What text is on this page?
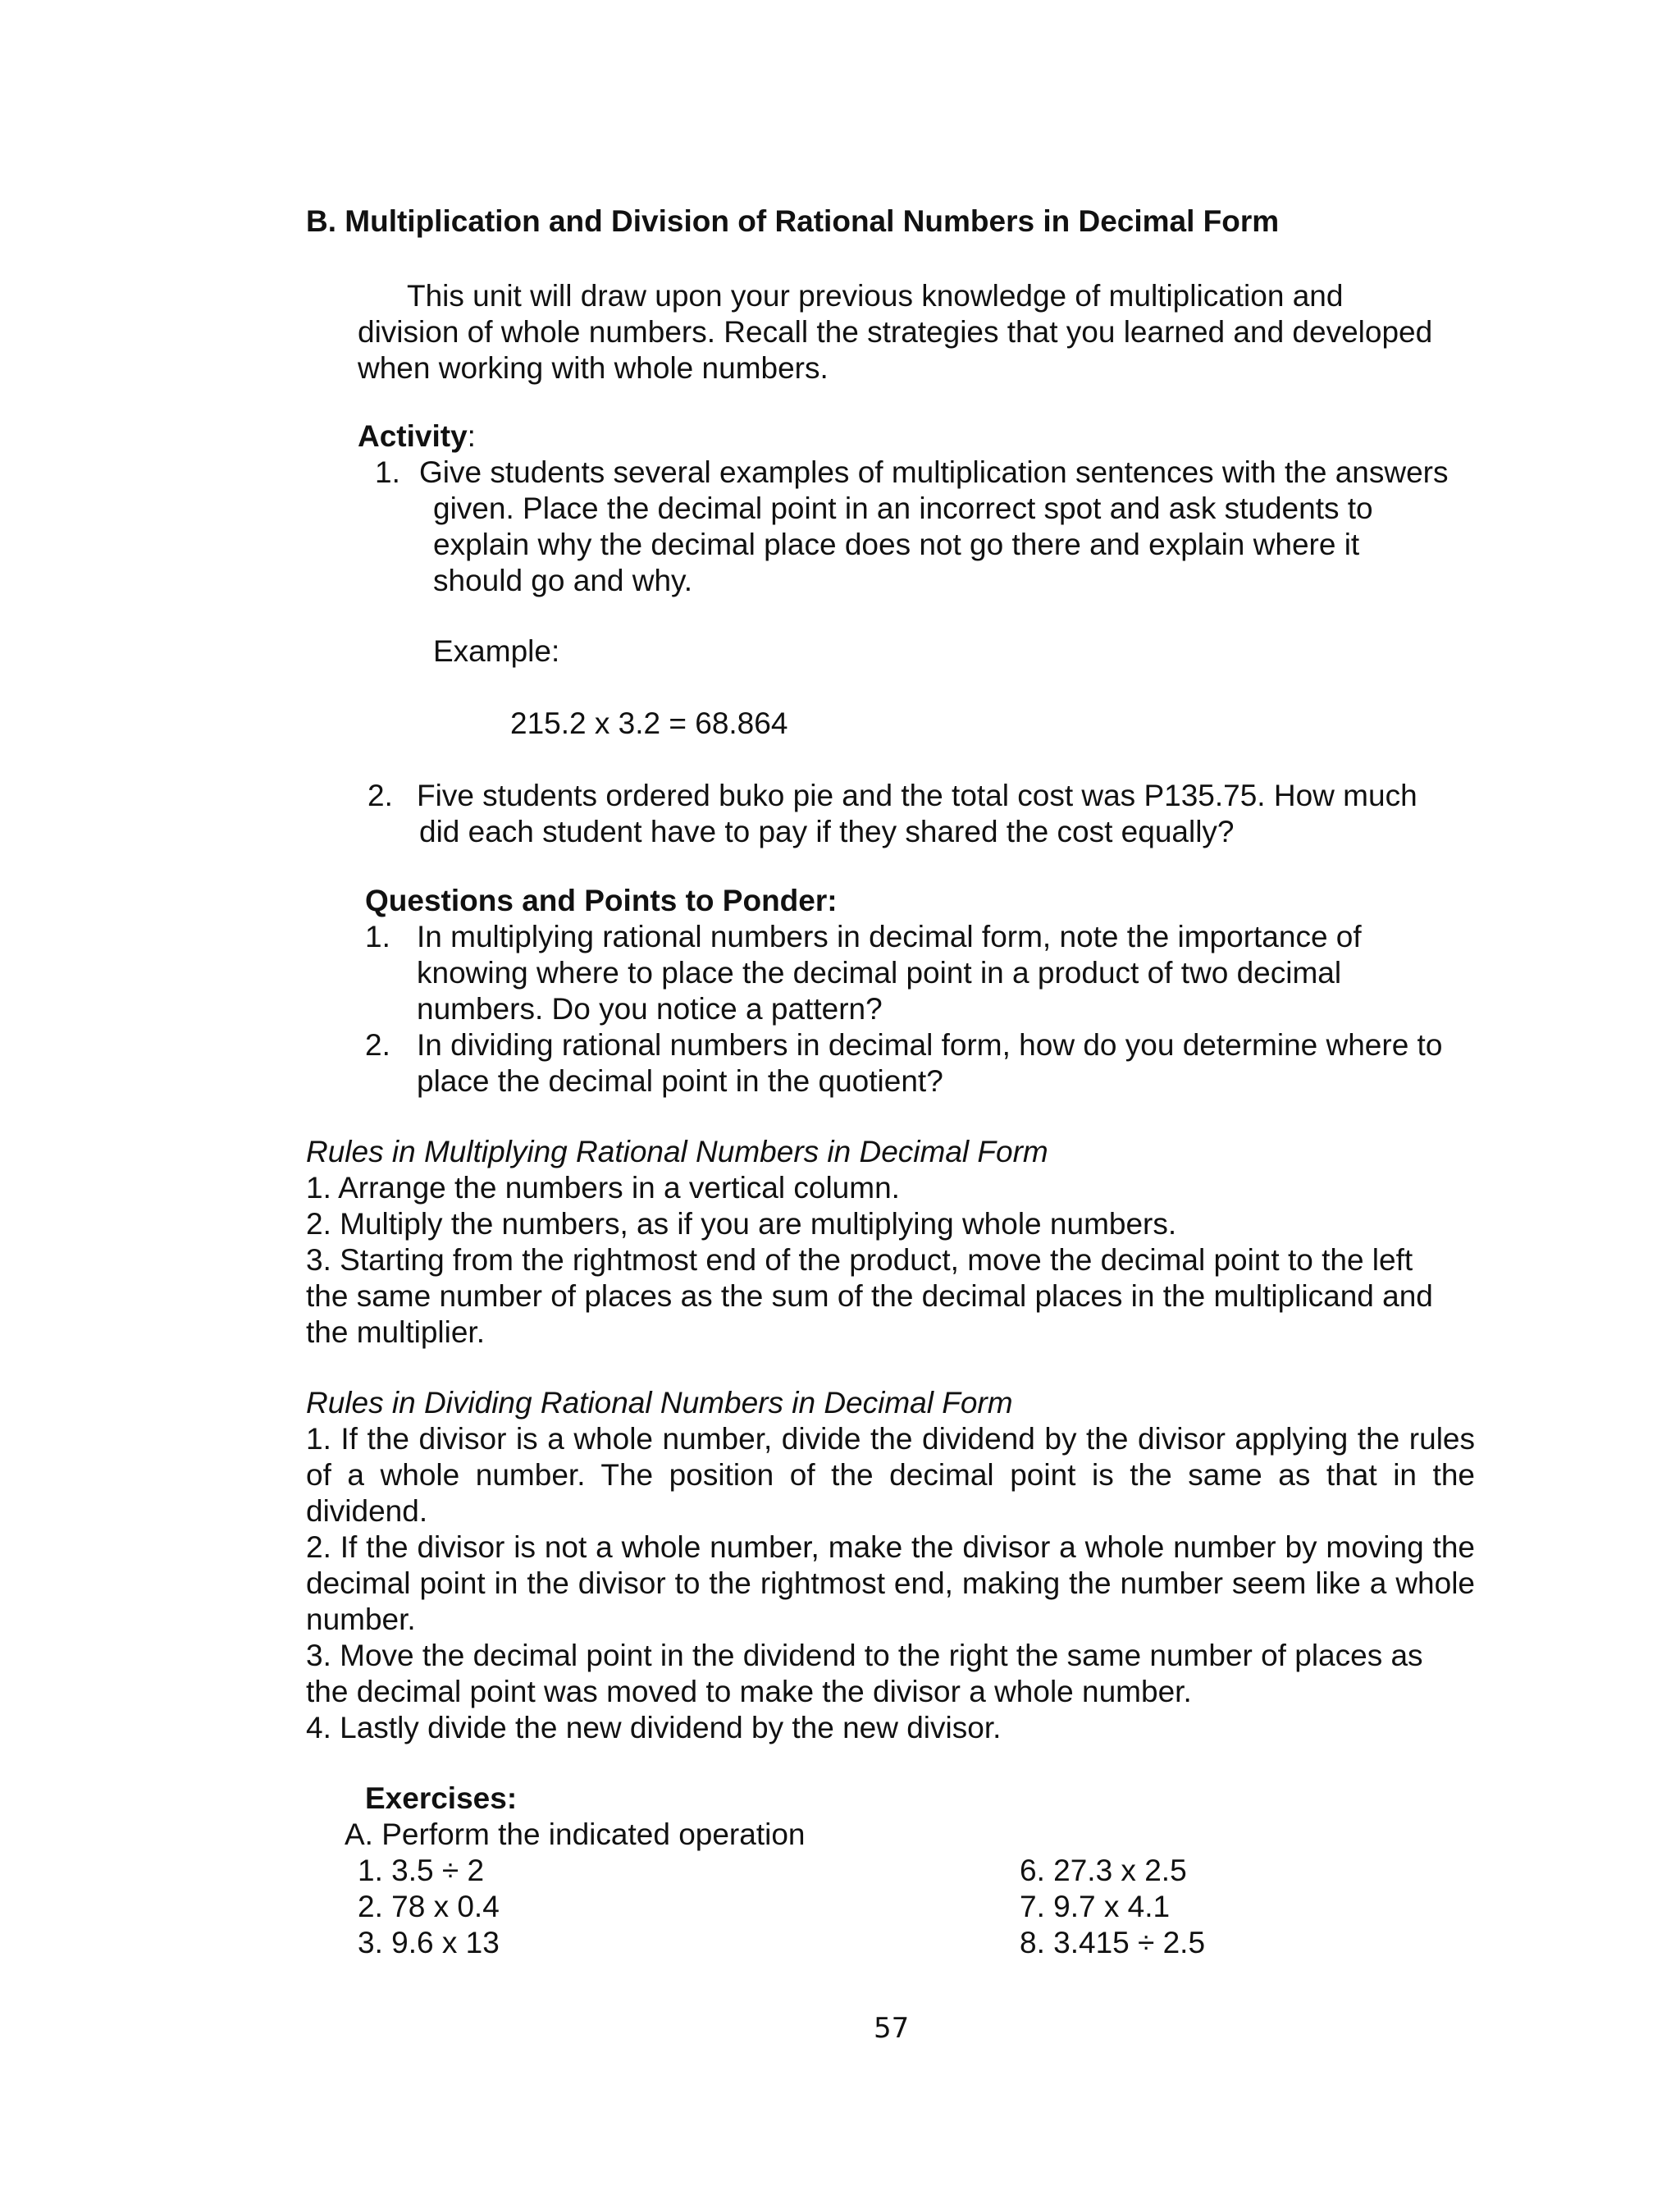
B. Multiplication and Division of Rational Numbers in Decimal Form
This unit will draw upon your previous knowledge of multiplication and
division of whole numbers. Recall the strategies that you learned and developed
when working with whole numbers.
Activity:
1. Give students several examples of multiplication sentences with the answers
given. Place the decimal point in an incorrect spot and ask students to
explain why the decimal place does not go there and explain where it
should go and why.
Example:
215.2 x 3.2 = 68.864
2. Five students ordered buko pie and the total cost was P135.75. How much
did each student have to pay if they shared the cost equally?
Questions and Points to Ponder:
1. In multiplying rational numbers in decimal form, note the importance of
knowing where to place the decimal point in a product of two decimal
numbers. Do you notice a pattern?
2. In dividing rational numbers in decimal form, how do you determine where to
place the decimal point in the quotient?
Rules in Multiplying Rational Numbers in Decimal Form
1. Arrange the numbers in a vertical column.
2. Multiply the numbers, as if you are multiplying whole numbers.
3. Starting from the rightmost end of the product, move the decimal point to the left
the same number of places as the sum of the decimal places in the multiplicand and
the multiplier.
Rules in Dividing Rational Numbers in Decimal Form
1. If the divisor is a whole number, divide the dividend by the divisor applying the rules of a whole number. The position of the decimal point is the same as that in the dividend.
2. If the divisor is not a whole number, make the divisor a whole number by moving the decimal point in the divisor to the rightmost end, making the number seem like a whole number.
3. Move the decimal point in the dividend to the right the same number of places as
the decimal point was moved to make the divisor a whole number.
4. Lastly divide the new dividend by the new divisor.
Exercises:
A. Perform the indicated operation
1. 3.5 ÷ 2
2. 78 x 0.4
3. 9.6 x 13
6. 27.3 x 2.5
7. 9.7 x 4.1
8. 3.415 ÷ 2.5
57
